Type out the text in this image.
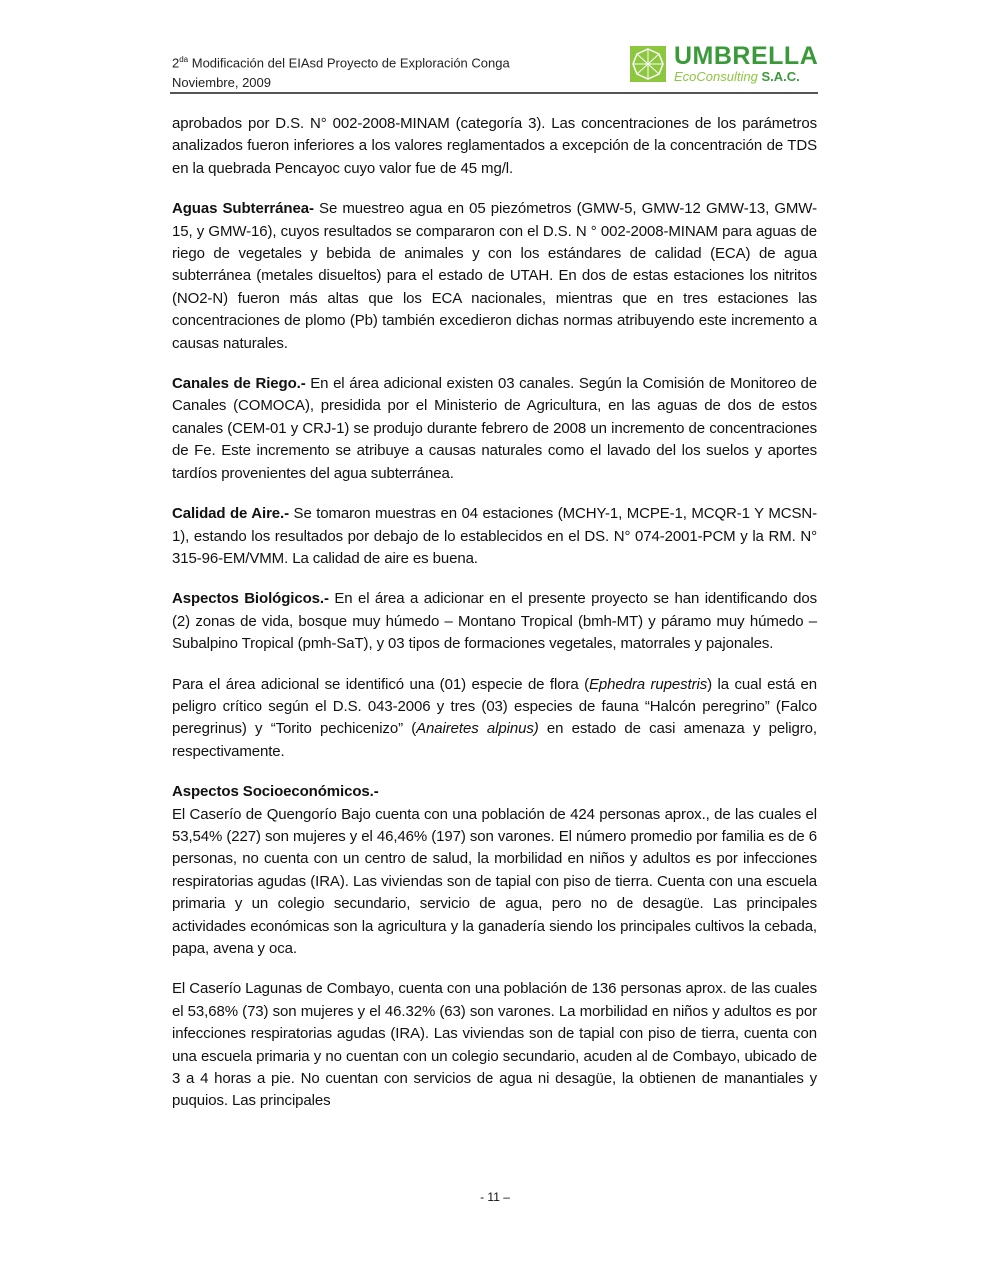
$2^{da}$ Modificación del EIAsd Proyecto de Exploración Conga
Noviembre, 2009
UMBRELLA
EcoConsulting S.A.C.

aprobados por D.S. N° 002-2008-MINAM (categoría 3). Las concentraciones de los parámetros analizados fueron inferiores a los valores reglamentados a excepción de la concentración de TDS en la quebrada Pencayoc cuyo valor fue de 45 mg/l.

Aguas Subterránea- Se muestreo agua en 05 piezómetros (GMW-5, GMW-12 GMW-13, GMW-15, y GMW-16), cuyos resultados se compararon con el D.S. N ° 002-2008-MINAM para aguas de riego de vegetales y bebida de animales y con los estándares de calidad (ECA) de agua subterránea (metales disueltos) para el estado de UTAH. En dos de estas estaciones los nitritos (NO2-N) fueron más altas que los ECA nacionales, mientras que en tres estaciones las concentraciones de plomo (Pb) también excedieron dichas normas atribuyendo este incremento a causas naturales.

Canales de Riego.- En el área adicional existen 03 canales. Según la Comisión de Monitoreo de Canales (COMOCA), presidida por el Ministerio de Agricultura, en las aguas de dos de estos canales (CEM-01 y CRJ-1) se produjo durante febrero de 2008 un incremento de concentraciones de Fe. Este incremento se atribuye a causas naturales como el lavado del los suelos y aportes tardíos provenientes del agua subterránea.

Calidad de Aire.- Se tomaron muestras en 04 estaciones (MCHY-1, MCPE-1, MCQR-1 Y MCSN-1), estando los resultados por debajo de lo establecidos en el DS. N° 074-2001-PCM y la RM. N° 315-96-EM/VMM. La calidad de aire es buena.

Aspectos Biológicos.- En el área a adicionar en el presente proyecto se han identificando dos (2) zonas de vida, bosque muy húmedo – Montano Tropical (bmh-MT) y páramo muy húmedo – Subalpino Tropical (pmh-SaT), y 03 tipos de formaciones vegetales, matorrales y pajonales.

Para el área adicional se identificó una (01) especie de flora (Ephedra rupestris) la cual está en peligro crítico según el D.S. 043-2006 y tres (03) especies de fauna “Halcón peregrino” (Falco peregrinus) y “Torito pechicenizo” (Anairetes alpinus) en estado de casi amenaza y peligro, respectivamente.

Aspectos Socioeconómicos.-
El Caserío de Quengorío Bajo cuenta con una población de 424 personas aprox., de las cuales el 53,54% (227) son mujeres y el 46,46% (197) son varones. El número promedio por familia es de 6 personas, no cuenta con un centro de salud, la morbilidad en niños y adultos es por infecciones respiratorias agudas (IRA). Las viviendas son de tapial con piso de tierra. Cuenta con una escuela primaria y un colegio secundario, servicio de agua, pero no de desagüe. Las principales actividades económicas son la agricultura y la ganadería siendo los principales cultivos la cebada, papa, avena y oca.

El Caserío Lagunas de Combayo, cuenta con una población de 136 personas aprox. de las cuales el 53,68% (73) son mujeres y el 46.32% (63) son varones. La morbilidad en niños y adultos es por infecciones respiratorias agudas (IRA). Las viviendas son de tapial con piso de tierra, cuenta con una escuela primaria y no cuentan con un colegio secundario, acuden al de Combayo, ubicado de 3 a 4 horas a pie. No cuentan con servicios de agua ni desagüe, la obtienen de manantiales y puquios. Las principales

- 11 –
